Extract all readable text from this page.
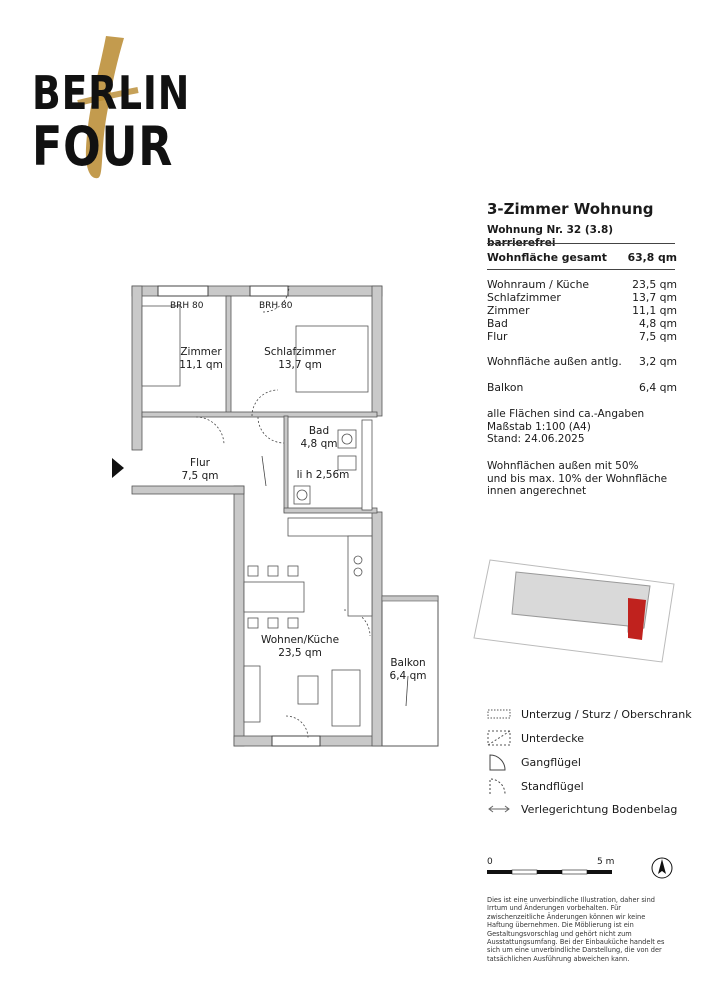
BERLIN
FOUR
3-Zimmer Wohnung
Wohnung Nr. 32 (3.8) barrierefrei
Wohnfläche gesamt 63,8 qm
Wohnraum / Küche	23,5 qm
Schlafzimmer	13,7 qm
Zimmer	11,1 qm
Bad	4,8 qm
Flur	7,5 qm
Wohnfläche außen antlg. 3,2 qm
Balkon	6,4 qm
alle Flächen sind ca.-Angaben
Maßstab 1:100 (A4)
Stand: 24.06.2025
Wohnflächen außen mit 50%
und bis max. 10% der Wohnfläche
innen angerechnet
Zimmer
11,1 qm
Schlafzimmer
13,7 qm
Bad
4,8 qm
li h 2,56m
Flur
7,5 qm
Wohnen/Küche
23,5 qm
Balkon
6,4 qm
BRH 80	BRH 80
Unterzug / Sturz / Oberschrank
Unterdecke
Gangflügel
Standflügel
Verlegerichtung Bodenbelag
0	5 m
Dies ist eine unverbindliche Illustration, daher sind
Irrtum und Änderungen vorbehalten. Für
zwischenzeitliche Änderungen können wir keine
Haftung übernehmen. Die Möblierung ist ein
Gestaltungsvorschlag und gehört nicht zum
Ausstattungsumfang. Bei der Einbauküche handelt es
sich um eine unverbindliche Darstellung, die von der
tatsächlichen Ausführung abweichen kann.
